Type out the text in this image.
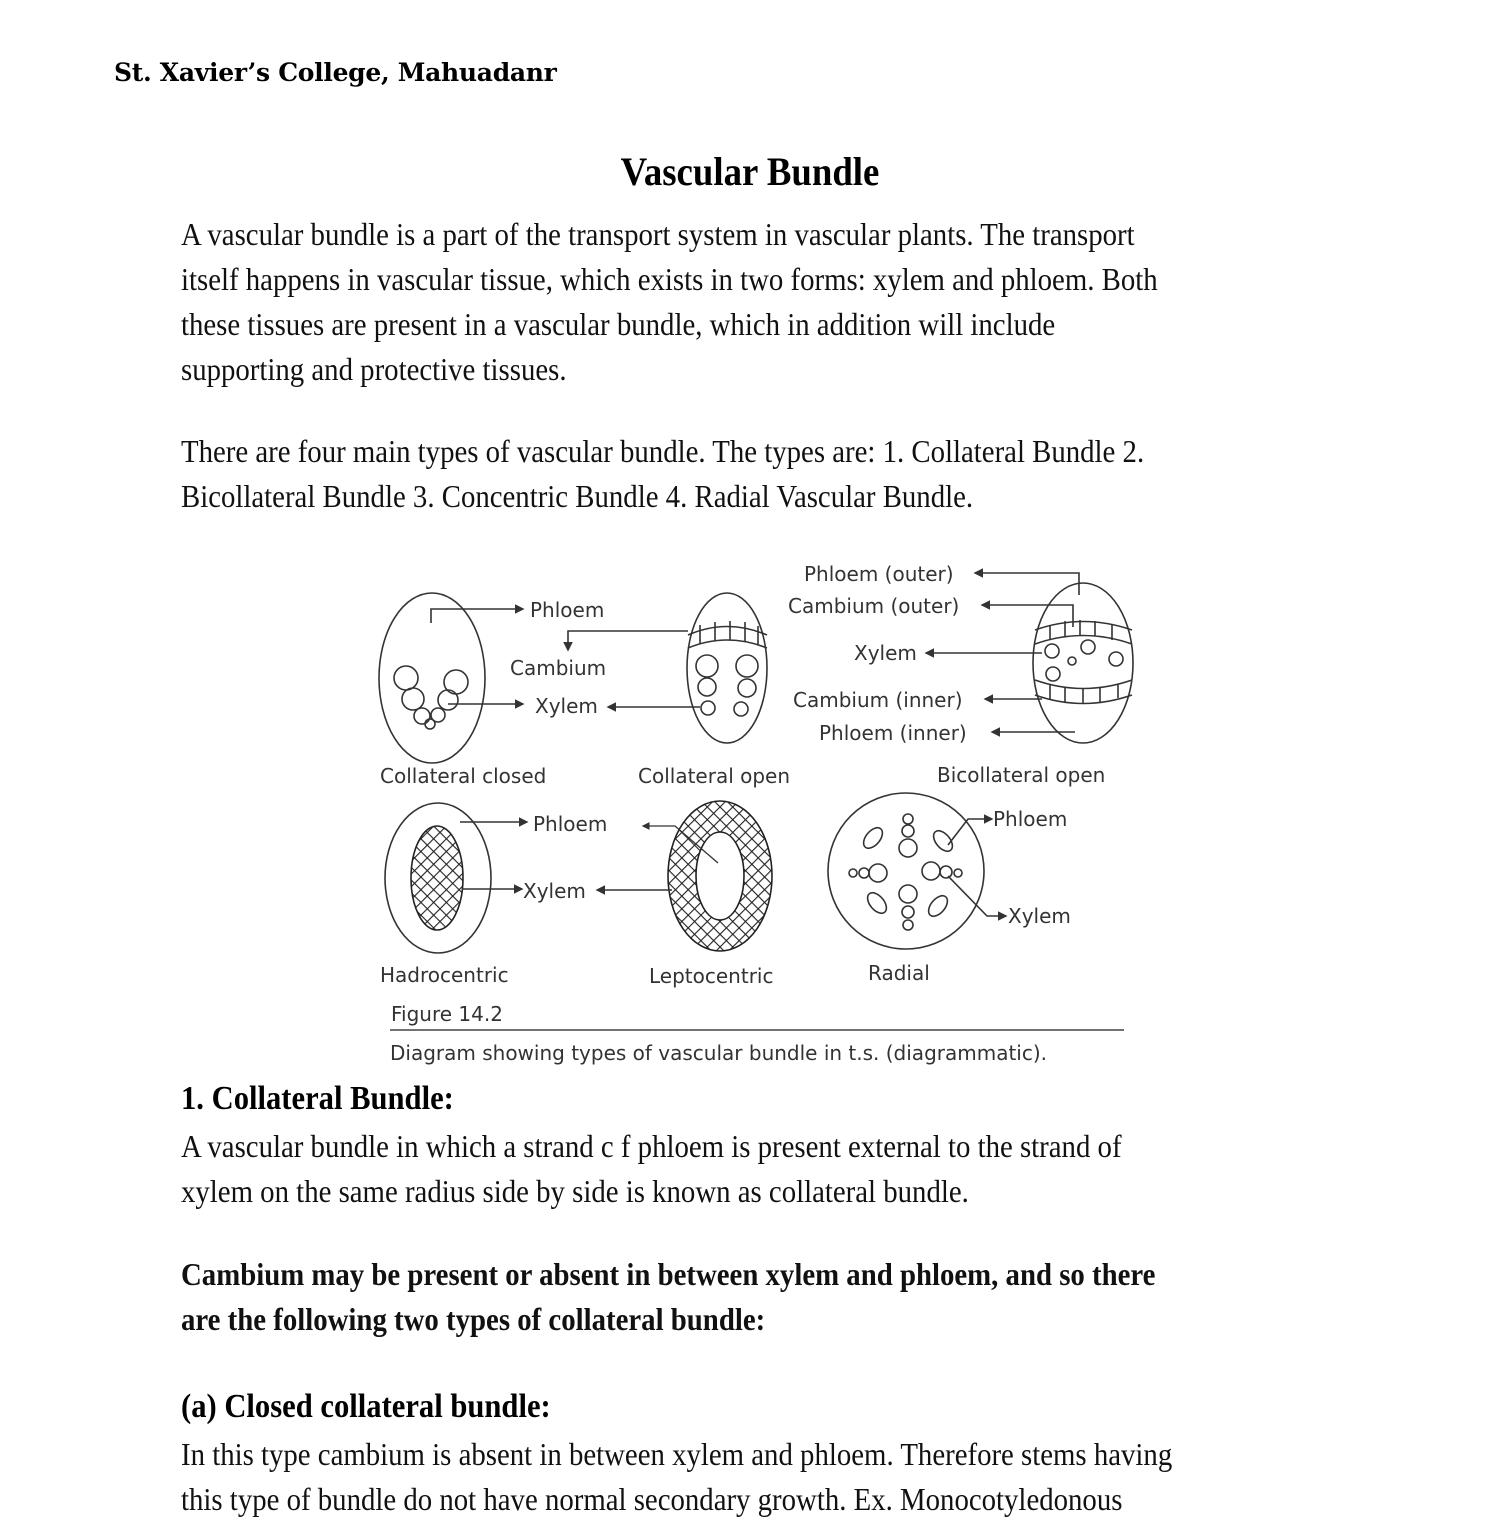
St. Xavier’s College, Mahuadanr
Vascular Bundle
A vascular bundle is a part of the transport system in vascular plants. The transport
itself happens in vascular tissue, which exists in two forms: xylem and phloem. Both
these tissues are present in a vascular bundle, which in addition will include
supporting and protective tissues.
There are four main types of vascular bundle. The types are: 1. Collateral Bundle 2.
Bicollateral Bundle 3. Concentric Bundle 4. Radial Vascular Bundle.
Phloem
Cambium
Xylem
Phloem (outer)
Cambium (outer)
Xylem
Cambium (inner)
Phloem (inner)
Collateral closed	Collateral open	Bicollateral open
Phloem
Xylem
Phloem
Xylem
Hadrocentric	Leptocentric	Radial
Figure 14.2
Diagram showing types of vascular bundle in t.s. (diagrammatic).
1. Collateral Bundle:
A vascular bundle in which a strand c f phloem is present external to the strand of
xylem on the same radius side by side is known as collateral bundle.
Cambium may be present or absent in between xylem and phloem, and so there
are the following two types of collateral bundle:
(a) Closed collateral bundle:
In this type cambium is absent in between xylem and phloem. Therefore stems having
this type of bundle do not have normal secondary growth. Ex. Monocotyledonous
